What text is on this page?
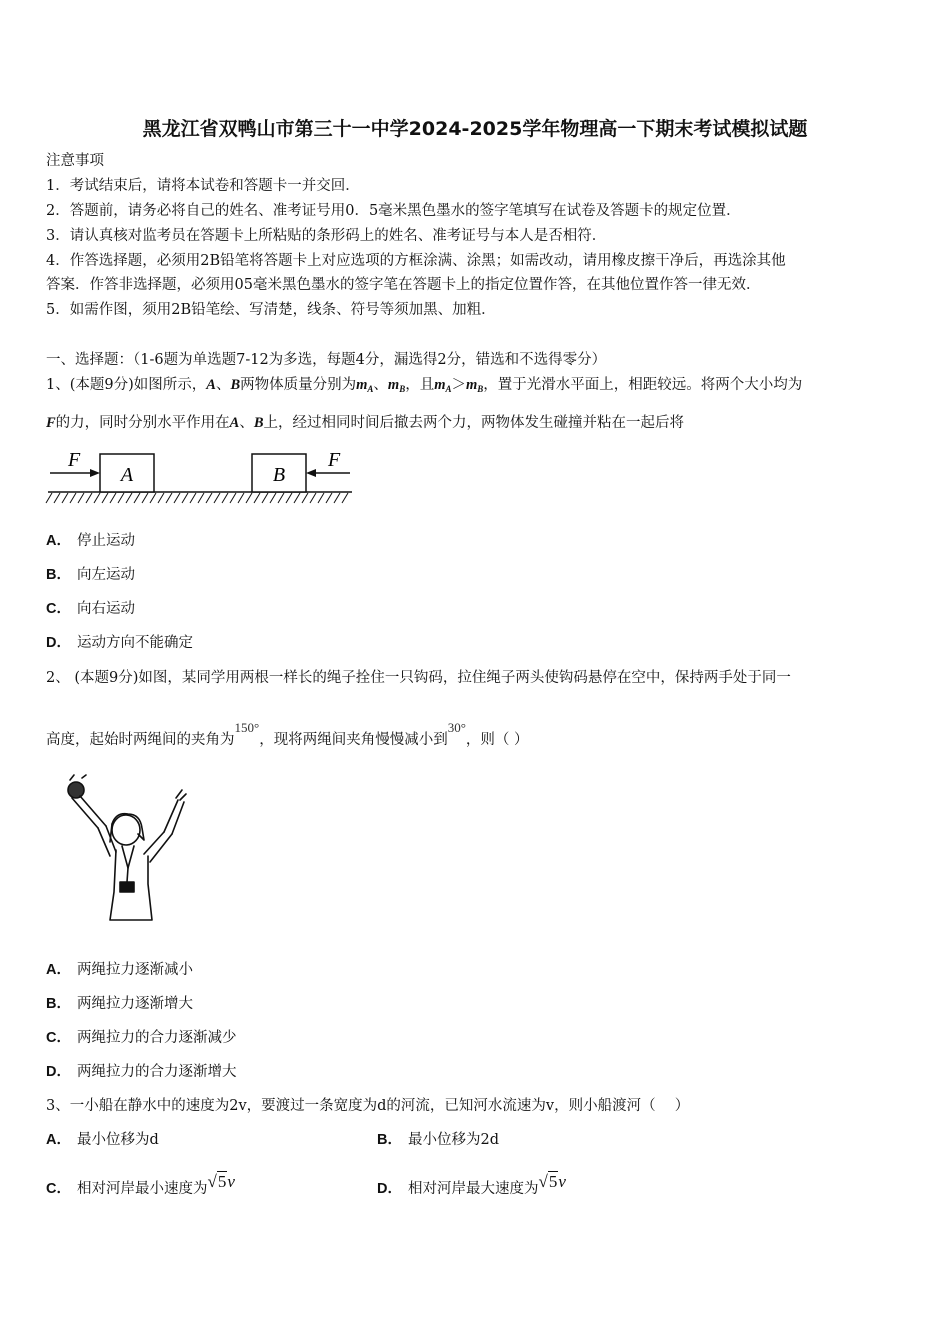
黑龙江省双鸭山市第三十一中学2024-2025学年物理高一下期末考试模拟试题
注意事项
1．考试结束后，请将本试卷和答题卡一并交回．
2．答题前，请务必将自己的姓名、准考证号用0．5毫米黑色墨水的签字笔填写在试卷及答题卡的规定位置．
3．请认真核对监考员在答题卡上所粘贴的条形码上的姓名、准考证号与本人是否相符．
4．作答选择题，必须用2B铅笔将答题卡上对应选项的方框涂满、涂黑；如需改动，请用橡皮擦干净后，再选涂其他
答案．作答非选择题，必须用05毫米黑色墨水的签字笔在答题卡上的指定位置作答，在其他位置作答一律无效．
5．如需作图，须用2B铅笔绘、写清楚，线条、符号等须加黑、加粗．
一、选择题：（1-6题为单选题7-12为多选，每题4分，漏选得2分，错选和不选得零分）
1、(本题9分)如图所示，A、B两物体质量分别为$m_A$、$m_B$，且$m_A>m_B$，置于光滑水平面上，相距较远。将两个大小均为
F的力，同时分别水平作用在A、B上，经过相同时间后撤去两个力，两物体发生碰撞并粘在一起后将
A	B
F	F
A． 停止运动
B． 向左运动
C． 向右运动
D． 运动方向不能确定
2、 (本题9分)如图，某同学用两根一样长的绳子拴住一只钩码，拉住绳子两头使钩码悬停在空中，保持两手处于同一
高度，起始时两绳间的夹角为150°，现将两绳间夹角慢慢减小到30°，则（ ）
A． 两绳拉力逐渐减小
B． 两绳拉力逐渐增大
C． 两绳拉力的合力逐渐减少
D． 两绳拉力的合力逐渐增大
3、一小船在静水中的速度为2v，要渡过一条宽度为d的河流，已知河水流速为v，则小船渡河（　 ）
A． 最小位移为d	B． 最小位移为2d
C． 相对河岸最小速度为√5v	D． 相对河岸最大速度为√5v
